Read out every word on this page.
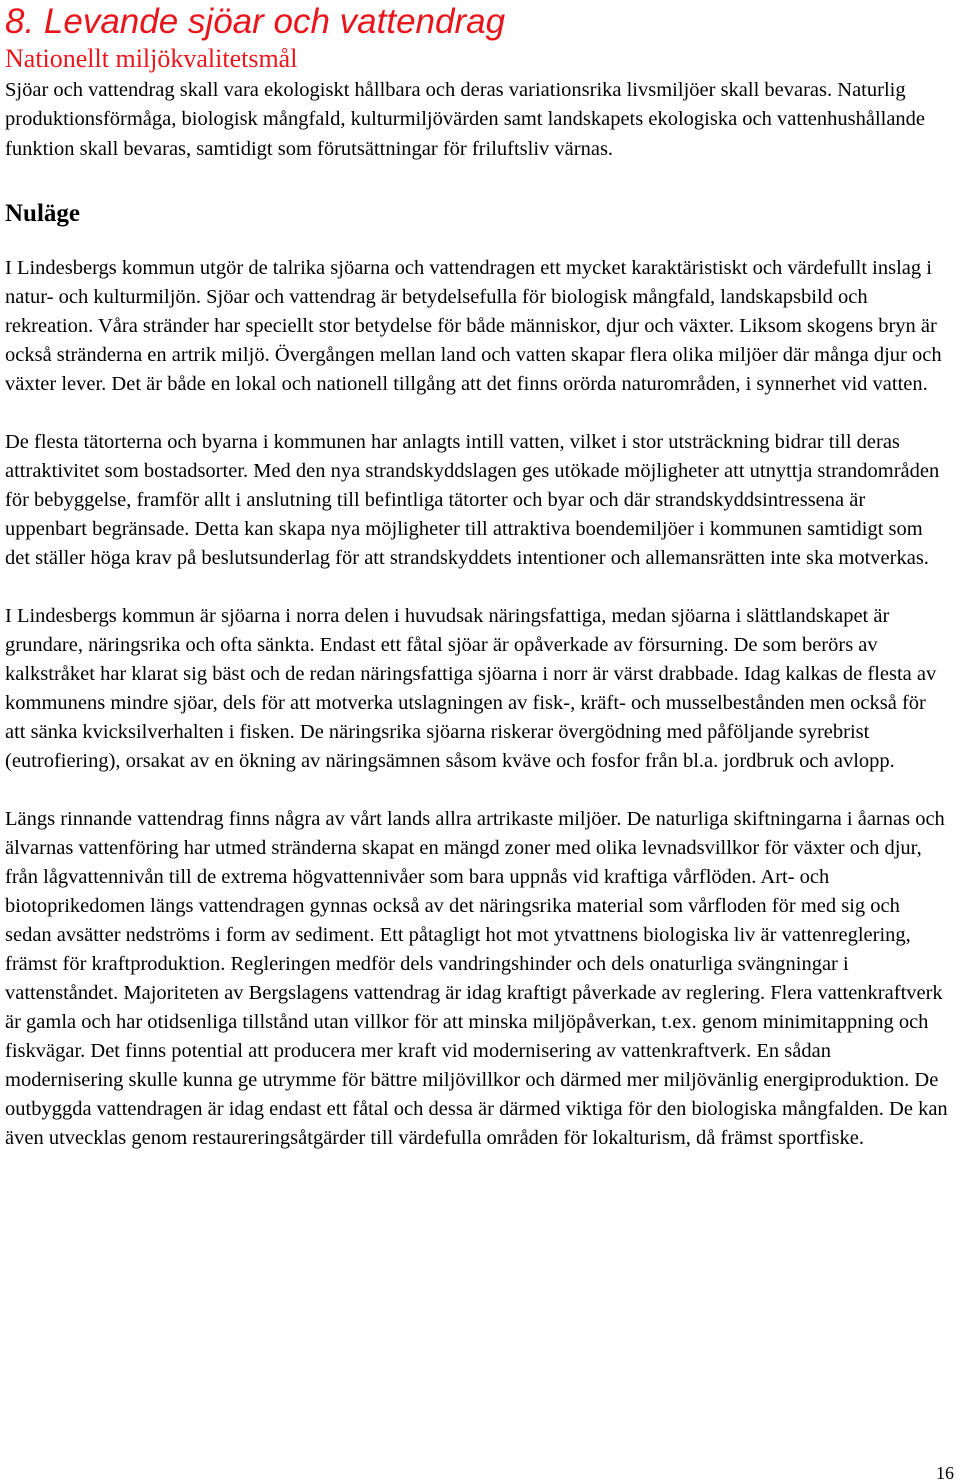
8. Levande sjöar och vattendrag
Nationellt miljökvalitetsmål

Sjöar och vattendrag skall vara ekologiskt hållbara och deras variationsrika livsmiljöer skall bevaras. Naturlig produktionsförmåga, biologisk mångfald, kulturmiljövärden samt landskapets ekologiska och vattenhushållande funktion skall bevaras, samtidigt som förutsättningar för friluftsliv värnas.

Nuläge

I Lindesbergs kommun utgör de talrika sjöarna och vattendragen ett mycket karaktäristiskt och värdefullt inslag i natur- och kulturmiljön. Sjöar och vattendrag är betydelsefulla för biologisk mångfald, landskapsbild och rekreation. Våra stränder har speciellt stor betydelse för både människor, djur och växter. Liksom skogens bryn är också stränderna en artrik miljö. Övergången mellan land och vatten skapar flera olika miljöer där många djur och växter lever. Det är både en lokal och nationell tillgång att det finns orörda naturområden, i synnerhet vid vatten.

De flesta tätorterna och byarna i kommunen har anlagts intill vatten, vilket i stor utsträckning bidrar till deras attraktivitet som bostadsorter. Med den nya strandskyddslagen ges utökade möjligheter att utnyttja strandområden för bebyggelse, framför allt i anslutning till befintliga tätorter och byar och där strandskyddsintressena är uppenbart begränsade. Detta kan skapa nya möjligheter till attraktiva boendemiljöer i kommunen samtidigt som det ställer höga krav på beslutsunderlag för att strandskyddets intentioner och allemansrätten inte ska motverkas.

I Lindesbergs kommun är sjöarna i norra delen i huvudsak näringsfattiga, medan sjöarna i slättlandskapet är grundare, näringsrika och ofta sänkta. Endast ett fåtal sjöar är opåverkade av försurning. De som berörs av kalkstråket har klarat sig bäst och de redan näringsfattiga sjöarna i norr är värst drabbade. Idag kalkas de flesta av kommunens mindre sjöar, dels för att motverka utslagningen av fisk-, kräft- och musselbestånden men också för att sänka kvicksilverhalten i fisken. De näringsrika sjöarna riskerar övergödning med påföljande syrebrist (eutrofiering), orsakat av en ökning av näringsämnen såsom kväve och fosfor från bl.a. jordbruk och avlopp.

Längs rinnande vattendrag finns några av vårt lands allra artrikaste miljöer. De naturliga skiftningarna i åarnas och älvarnas vattenföring har utmed stränderna skapat en mängd zoner med olika levnadsvillkor för växter och djur, från lågvattennivån till de extrema högvattennivåer som bara uppnås vid kraftiga vårflöden. Art- och biotoprikedomen längs vattendragen gynnas också av det näringsrika material som vårfloden för med sig och sedan avsätter nedströms i form av sediment. Ett påtagligt hot mot ytvattnens biologiska liv är vattenreglering, främst för kraftproduktion. Regleringen medför dels vandringshinder och dels onaturliga svängningar i vattenståndet. Majoriteten av Bergslagens vattendrag är idag kraftigt påverkade av reglering. Flera vattenkraftverk är gamla och har otidsenliga tillstånd utan villkor för att minska miljöpåverkan, t.ex. genom minimitappning och fiskvägar. Det finns potential att producera mer kraft vid modernisering av vattenkraftverk. En sådan modernisering skulle kunna ge utrymme för bättre miljövillkor och därmed mer miljövänlig energiproduktion. De outbyggda vattendragen är idag endast ett fåtal och dessa är därmed viktiga för den biologiska mångfalden. De kan även utvecklas genom restaureringsåtgärder till värdefulla områden för lokalturism, då främst sportfiske.

16
